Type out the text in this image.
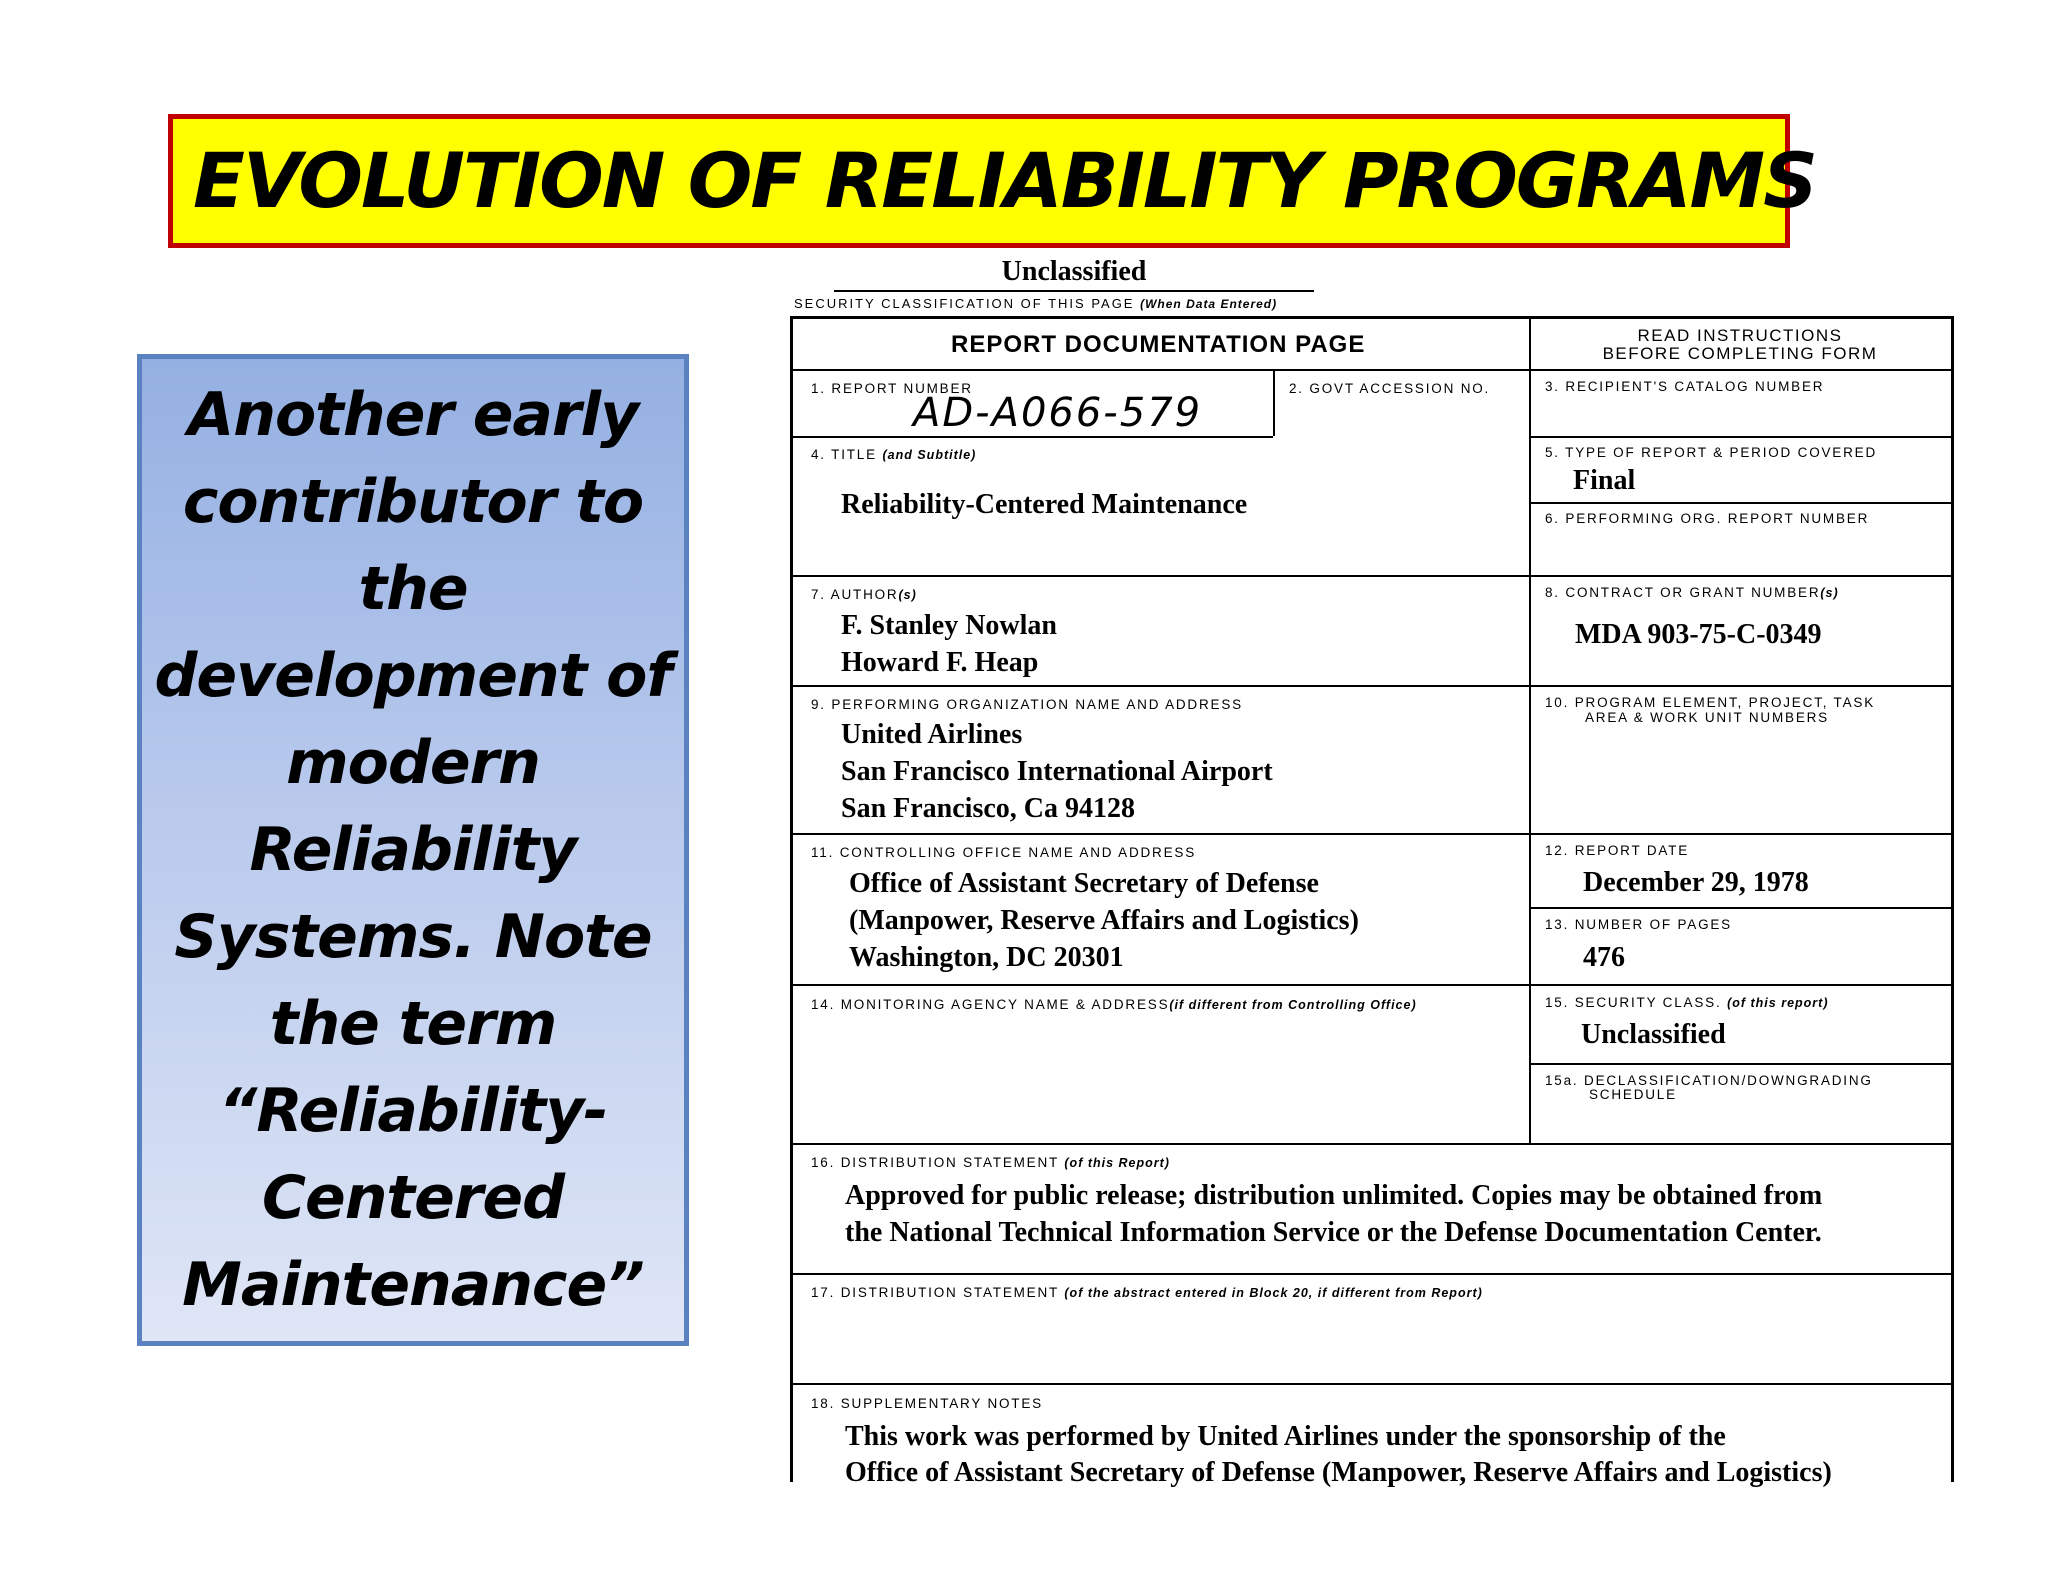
EVOLUTION OF RELIABILITY PROGRAMS
Another early contributor to the development of modern Reliability Systems. Note the term “Reliability-Centered Maintenance”
Unclassified
SECURITY CLASSIFICATION OF THIS PAGE (When Data Entered)
REPORT DOCUMENTATION PAGE	READ INSTRUCTIONS
BEFORE COMPLETING FORM
1. REPORT NUMBER
AD-A066-579
2. GOVT ACCESSION NO.	3. RECIPIENT'S CATALOG NUMBER
4. TITLE (and Subtitle)
Reliability-Centered Maintenance
5. TYPE OF REPORT & PERIOD COVERED
Final
6. PERFORMING ORG. REPORT NUMBER
7. AUTHOR(s)
F. Stanley Nowlan
Howard F. Heap
8. CONTRACT OR GRANT NUMBER(s)
MDA 903-75-C-0349
9. PERFORMING ORGANIZATION NAME AND ADDRESS
United Airlines
San Francisco International Airport
San Francisco, Ca 94128
10. PROGRAM ELEMENT, PROJECT, TASK
AREA & WORK UNIT NUMBERS
11. CONTROLLING OFFICE NAME AND ADDRESS
Office of Assistant Secretary of Defense
(Manpower, Reserve Affairs and Logistics)
Washington, DC 20301
12. REPORT DATE
December 29, 1978
13. NUMBER OF PAGES
476
14. MONITORING AGENCY NAME & ADDRESS(if different from Controlling Office)	15. SECURITY CLASS. (of this report)
Unclassified
15a. DECLASSIFICATION/DOWNGRADING
SCHEDULE
16. DISTRIBUTION STATEMENT (of this Report)
Approved for public release; distribution unlimited. Copies may be obtained from
the National Technical Information Service or the Defense Documentation Center.
17. DISTRIBUTION STATEMENT (of the abstract entered in Block 20, if different from Report)
18. SUPPLEMENTARY NOTES
This work was performed by United Airlines under the sponsorship of the
Office of Assistant Secretary of Defense (Manpower, Reserve Affairs and Logistics)
